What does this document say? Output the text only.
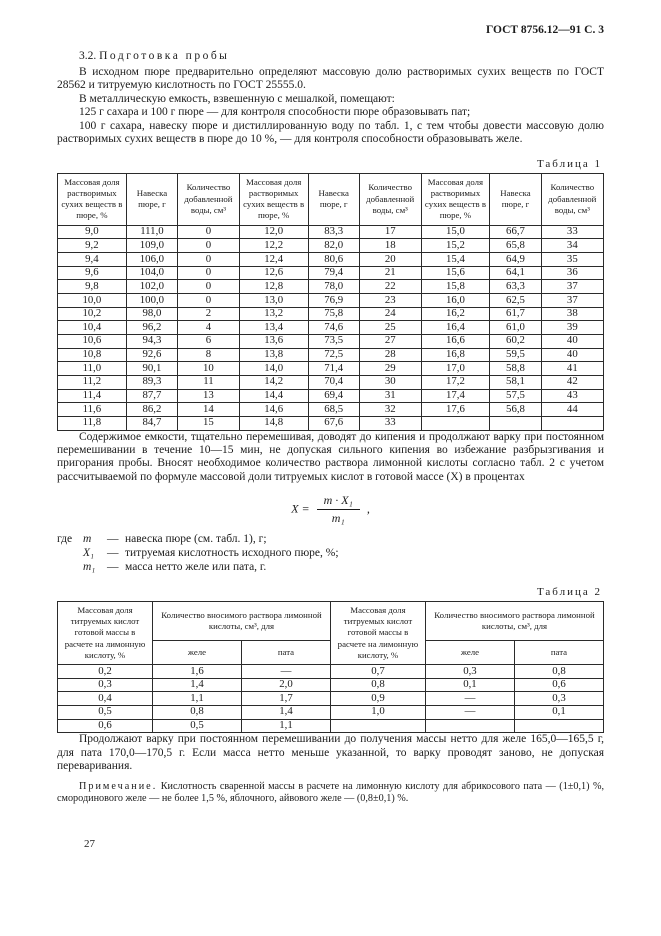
ГОСТ 8756.12—91 С. 3
3.2. Подготовка пробы

В исходном пюре предварительно определяют массовую долю растворимых сухих веществ по ГОСТ 28562 и титруемую кислотность по ГОСТ 25555.0.

В металлическую емкость, взвешенную с мешалкой, помещают:

125 г сахара и 100 г пюре — для контроля способности пюре образовывать пат;

100 г сахара, навеску пюре и дистиллированную воду по табл. 1, с тем чтобы довести массовую долю растворимых сухих веществ в пюре до 10 %, — для контроля способности образовывать желе.

Таблица 1
Массовая доля растворимых сухих веществ в пюре, %	Навеска пюре, г	Количество добавленной воды, см³	Массовая доля растворимых сухих веществ в пюре, %	Навеска пюре, г	Количество добавленной воды, см³	Массовая доля растворимых сухих веществ в пюре, %	Навеска пюре, г	Количество добавленной воды, см³
9,0	111,0	0	12,0	83,3	17	15,0	66,7	33
9,2	109,0	0	12,2	82,0	18	15,2	65,8	34
9,4	106,0	0	12,4	80,6	20	15,4	64,9	35
9,6	104,0	0	12,6	79,4	21	15,6	64,1	36
9,8	102,0	0	12,8	78,0	22	15,8	63,3	37
10,0	100,0	0	13,0	76,9	23	16,0	62,5	37
10,2	98,0	2	13,2	75,8	24	16,2	61,7	38
10,4	96,2	4	13,4	74,6	25	16,4	61,0	39
10,6	94,3	6	13,6	73,5	27	16,6	60,2	40
10,8	92,6	8	13,8	72,5	28	16,8	59,5	40
11,0	90,1	10	14,0	71,4	29	17,0	58,8	41
11,2	89,3	11	14,2	70,4	30	17,2	58,1	42
11,4	87,7	13	14,4	69,4	31	17,4	57,5	43
11,6	86,2	14	14,6	68,5	32	17,6	56,8	44
11,8	84,7	15	14,8	67,6	33			

Содержимое емкости, тщательно перемешивая, доводят до кипения и продолжают варку при постоянном перемешивании в течение 10—15 мин, не допуская сильного кипения во избежание разбрызгивания и пригорания пробы. Вносят необходимое количество раствора лимонной кислоты согласно табл. 2 с учетом рассчитываемой по формуле массовой доли титруемых кислот в готовой массе (X) в процентах

$X = \frac{\text{m · X₁}}{\text{m₁}}$ ,
где m	— навеска пюре (см. табл. 1), г;
X₁	— титруемая кислотность исходного пюре, %;
m₁	— масса нетто желе или пата, г.
Таблица 2
Массовая доля титруемых кислот готовой массы в расчете на лимонную кислоту, %	Количество вносимого раствора лимонной кислоты, см³, для		Массовая доля титруемых кислот готовой массы в расчете на лимонную кислоту, %	Количество вносимого раствора лимонной кислоты, см³, для	
	желе	пата		желе	пата
0,2	1,6	—	0,7	0,3	0,8
0,3	1,4	2,0	0,8	0,1	0,6
0,4	1,1	1,7	0,9	—	0,3
0,5	0,8	1,4	1,0	—	0,1
0,6	0,5	1,1			

Продолжают варку при постоянном перемешивании до получения массы нетто для желе 165,0—165,5 г, для пата 170,0—170,5 г. Если масса нетто меньше указанной, то варку проводят заново, не допуская переваривания.

Примечание. Кислотность сваренной массы в расчете на лимонную кислоту для абрикосового пата — (1±0,1) %, смородинового желе — не более 1,5 %, яблочного, айвового желе — (0,8±0,1) %.

27
